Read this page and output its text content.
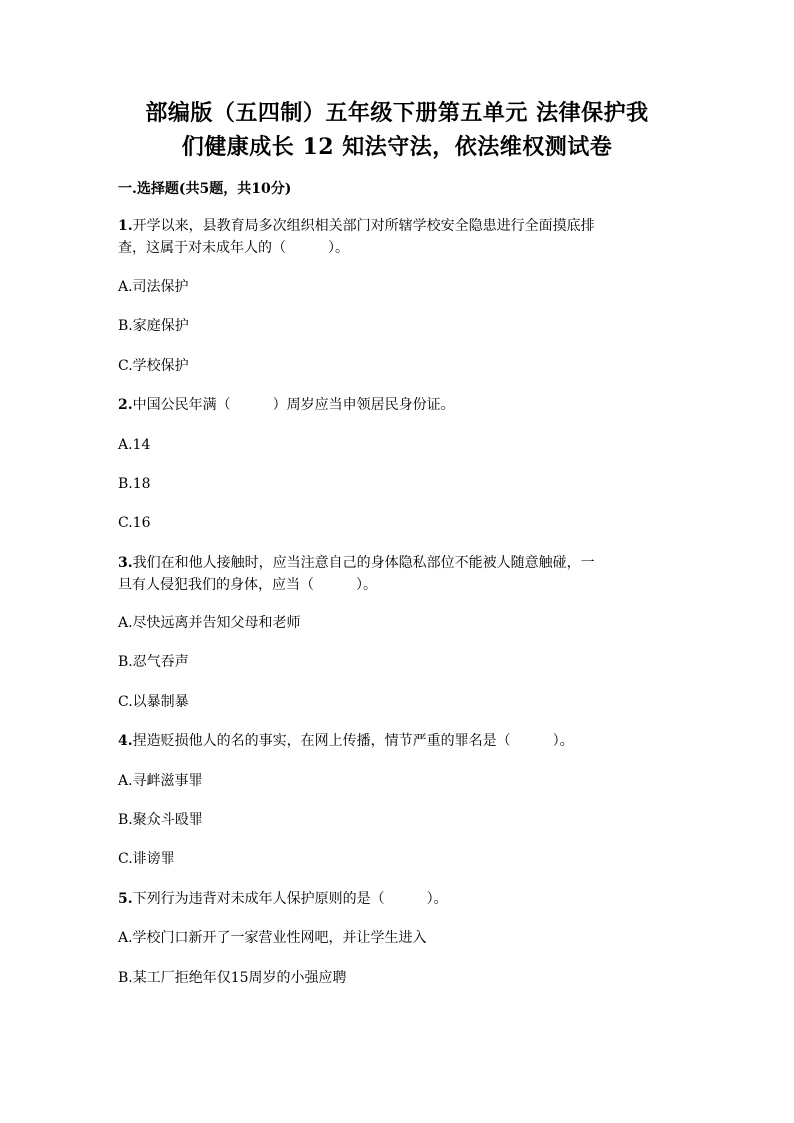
部编版（五四制）五年级下册第五单元 法律保护我
们健康成长 12 知法守法，依法维权测试卷
一.选择题(共5题，共10分)
1.开学以来，县教育局多次组织相关部门对所辖学校安全隐患进行全面摸底排
查，这属于对未成年人的（　　　）。
A.司法保护
B.家庭保护
C.学校保护
2.中国公民年满（　　　）周岁应当申领居民身份证。
A.14
B.18
C.16
3.我们在和他人接触时，应当注意自己的身体隐私部位不能被人随意触碰，一
旦有人侵犯我们的身体，应当（　　　）。
A.尽快远离并告知父母和老师
B.忍气吞声
C.以暴制暴
4.捏造贬损他人的名的事实，在网上传播，情节严重的罪名是（　　　）。
A.寻衅滋事罪
B.聚众斗殴罪
C.诽谤罪
5.下列行为违背对未成年人保护原则的是（　　　）。
A.学校门口新开了一家营业性网吧，并让学生进入
B.某工厂拒绝年仅15周岁的小强应聘
